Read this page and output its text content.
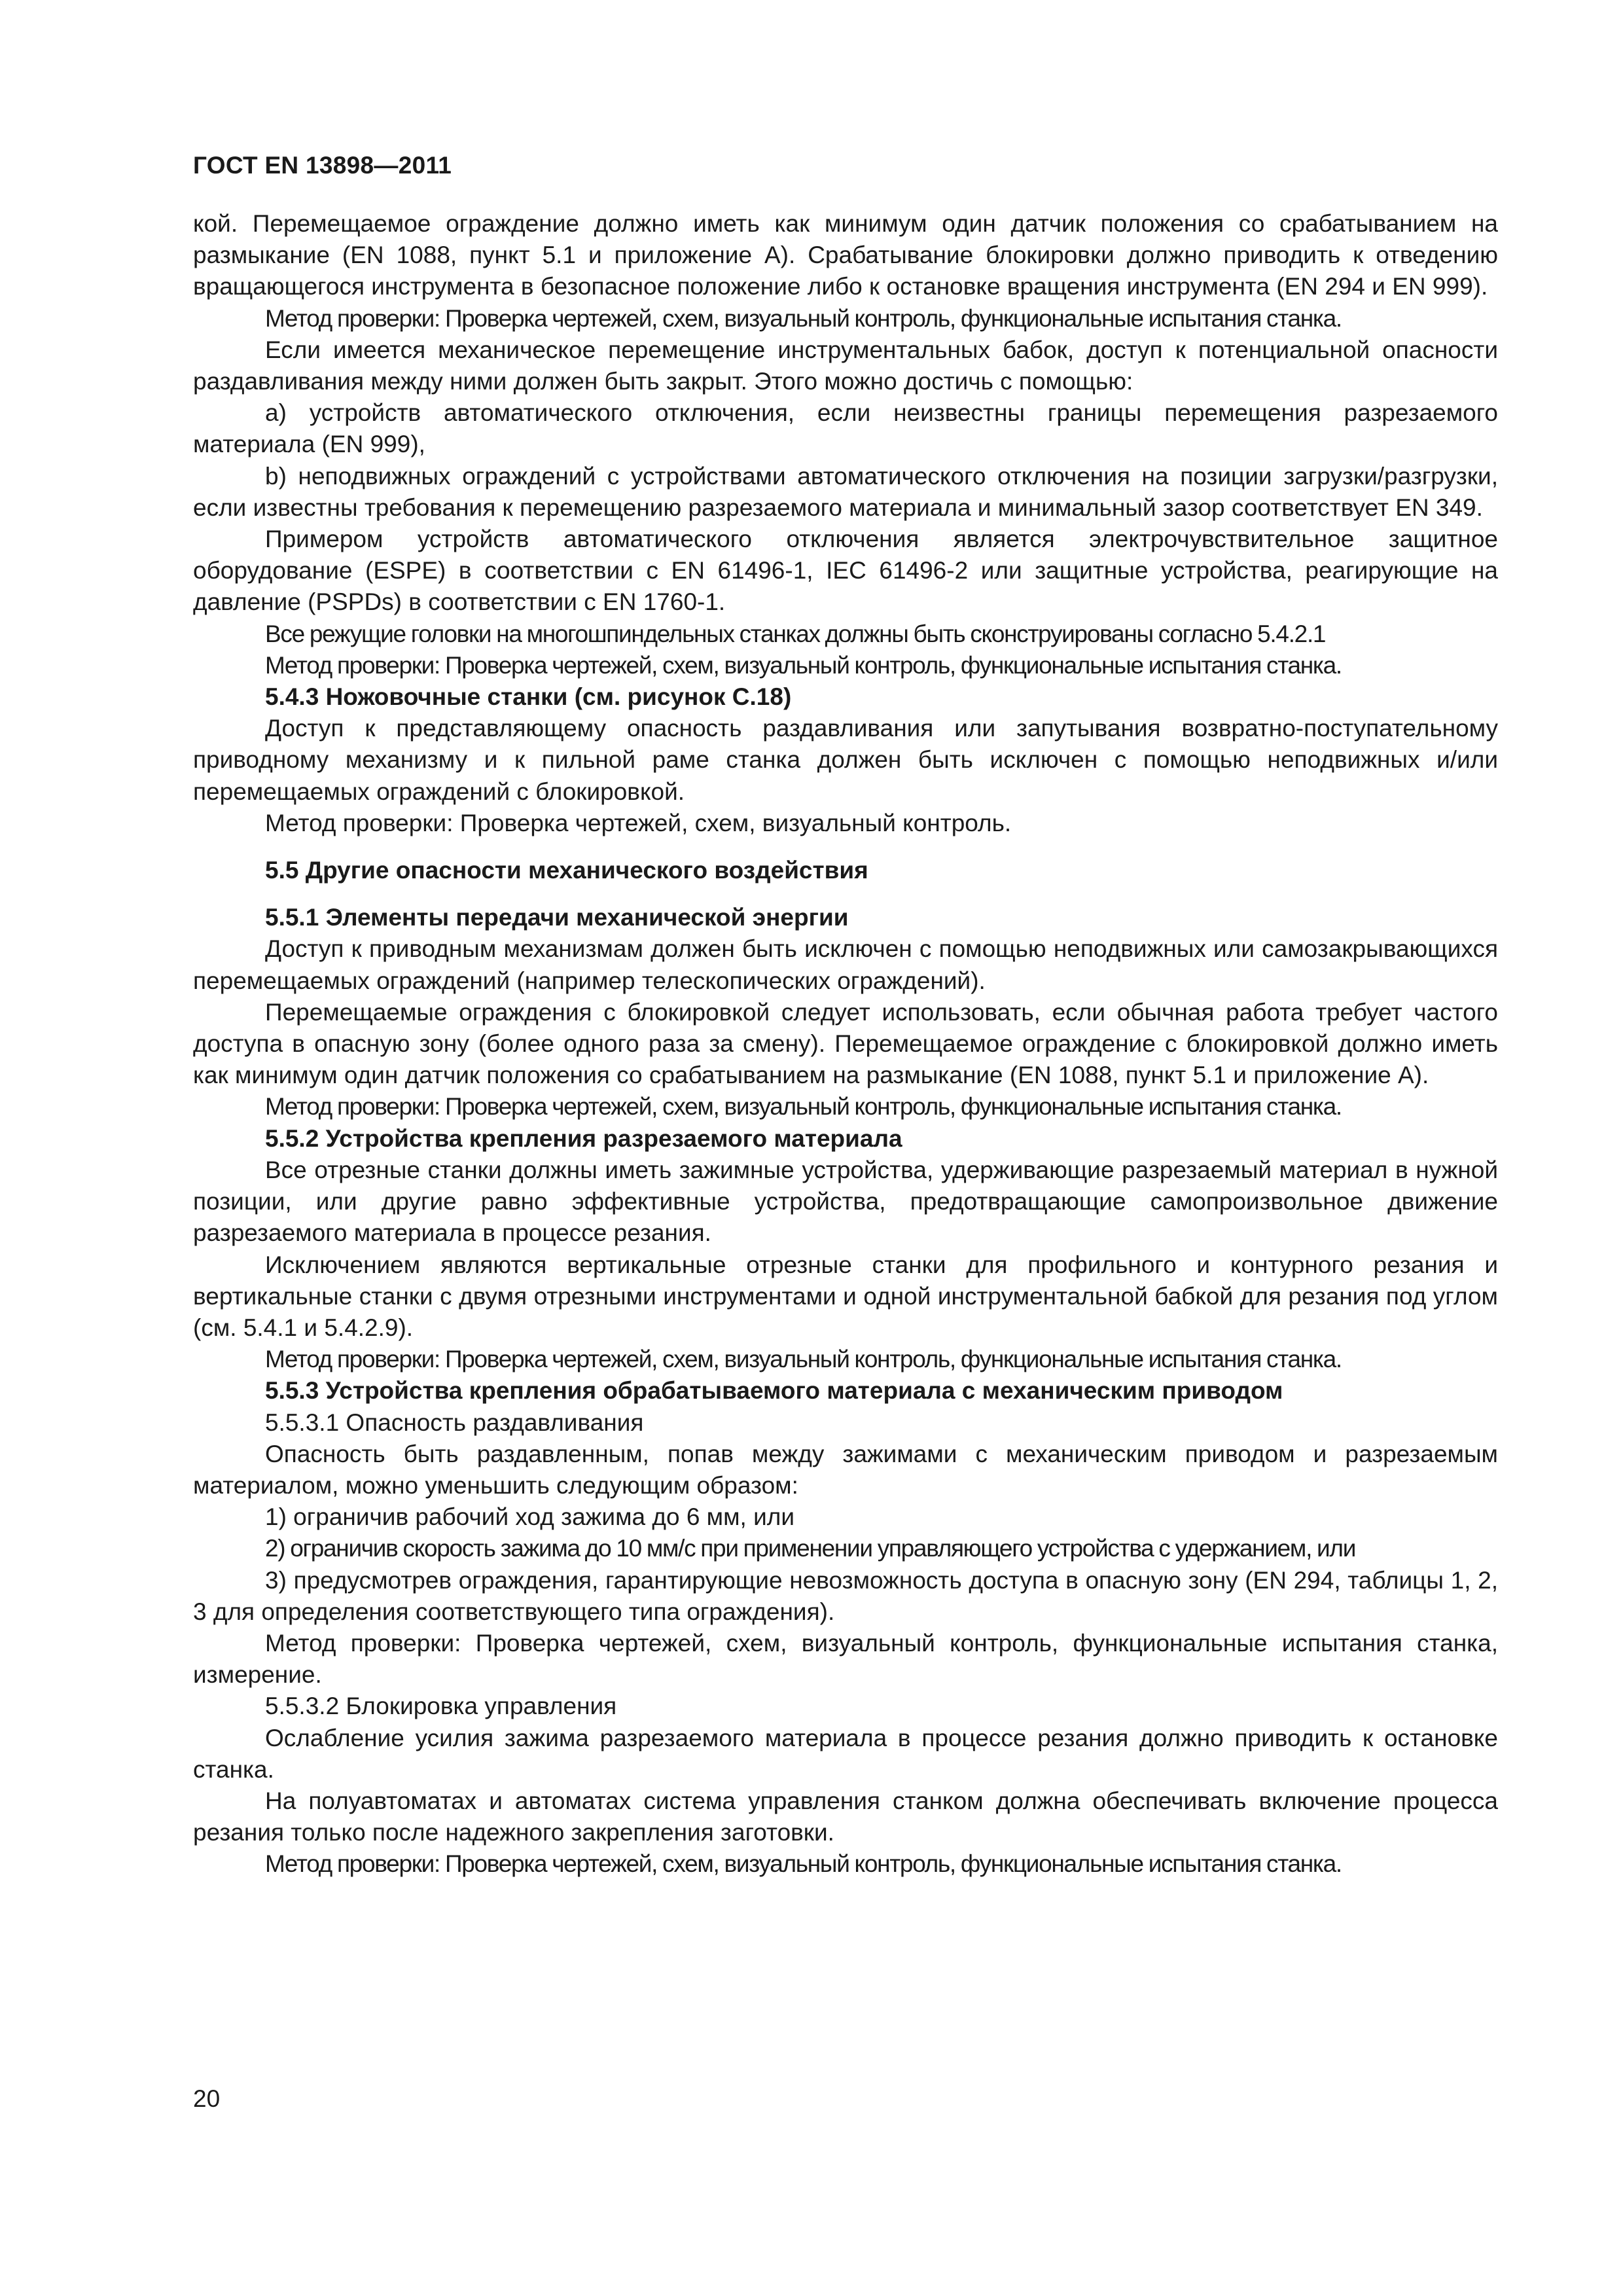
ГОСТ EN 13898—2011

кой. Перемещаемое ограждение должно иметь как минимум один датчик положения со срабатыванием на размыкание (EN 1088, пункт 5.1 и приложение А). Срабатывание блокировки должно приводить к отведению вращающегося инструмента в безопасное положение либо к остановке вращения инструмента (EN 294 и EN 999).

Метод проверки: Проверка чертежей, схем, визуальный контроль, функциональные испытания станка.

Если имеется механическое перемещение инструментальных бабок, доступ к потенциальной опасности раздавливания между ними должен быть закрыт. Этого можно достичь с помощью:

а) устройств автоматического отключения, если неизвестны границы перемещения разрезаемого материала (EN 999),

b) неподвижных ограждений с устройствами автоматического отключения на позиции загрузки/разгрузки, если известны требования к перемещению разрезаемого материала и минимальный зазор соответствует EN 349.

Примером устройств автоматического отключения является электрочувствительное защитное оборудование (ESPE) в соответствии с EN 61496-1, IEC 61496-2 или защитные устройства, реагирующие на давление (PSPDs) в соответствии с EN 1760-1.

Все режущие головки на многошпиндельных станках должны быть сконструированы согласно 5.4.2.1

Метод проверки: Проверка чертежей, схем, визуальный контроль, функциональные испытания станка.

5.4.3 Ножовочные станки (см. рисунок С.18)

Доступ к представляющему опасность раздавливания или запутывания возвратно-поступательному приводному механизму и к пильной раме станка должен быть исключен с помощью неподвижных и/или перемещаемых ограждений с блокировкой.

Метод проверки: Проверка чертежей, схем, визуальный контроль.

5.5 Другие опасности механического воздействия

5.5.1 Элементы передачи механической энергии

Доступ к приводным механизмам должен быть исключен с помощью неподвижных или самозакрывающихся перемещаемых ограждений (например телескопических ограждений).

Перемещаемые ограждения с блокировкой следует использовать, если обычная работа требует частого доступа в опасную зону (более одного раза за смену). Перемещаемое ограждение с блокировкой должно иметь как минимум один датчик положения со срабатыванием на размыкание (EN 1088, пункт 5.1 и приложение А).

Метод проверки: Проверка чертежей, схем, визуальный контроль, функциональные испытания станка.

5.5.2 Устройства крепления разрезаемого материала

Все отрезные станки должны иметь зажимные устройства, удерживающие разрезаемый материал в нужной позиции, или другие равно эффективные устройства, предотвращающие самопроизвольное движение разрезаемого материала в процессе резания.

Исключением являются вертикальные отрезные станки для профильного и контурного резания и вертикальные станки с двумя отрезными инструментами и одной инструментальной бабкой для резания под углом (см. 5.4.1 и 5.4.2.9).

Метод проверки: Проверка чертежей, схем, визуальный контроль, функциональные испытания станка.

5.5.3 Устройства крепления обрабатываемого материала с механическим приводом

5.5.3.1 Опасность раздавливания

Опасность быть раздавленным, попав между зажимами с механическим приводом и разрезаемым материалом, можно уменьшить следующим образом:

1) ограничив рабочий ход зажима до 6 мм, или

2) ограничив скорость зажима до 10 мм/с при применении управляющего устройства с удержанием, или

3) предусмотрев ограждения, гарантирующие невозможность доступа в опасную зону (EN 294, таблицы 1, 2, 3 для определения соответствующего типа ограждения).

Метод проверки: Проверка чертежей, схем, визуальный контроль, функциональные испытания станка, измерение.

5.5.3.2 Блокировка управления

Ослабление усилия зажима разрезаемого материала в процессе резания должно приводить к остановке станка.

На полуавтоматах и автоматах система управления станком должна обеспечивать включение процесса резания только после надежного закрепления заготовки.

Метод проверки: Проверка чертежей, схем, визуальный контроль, функциональные испытания станка.

20
